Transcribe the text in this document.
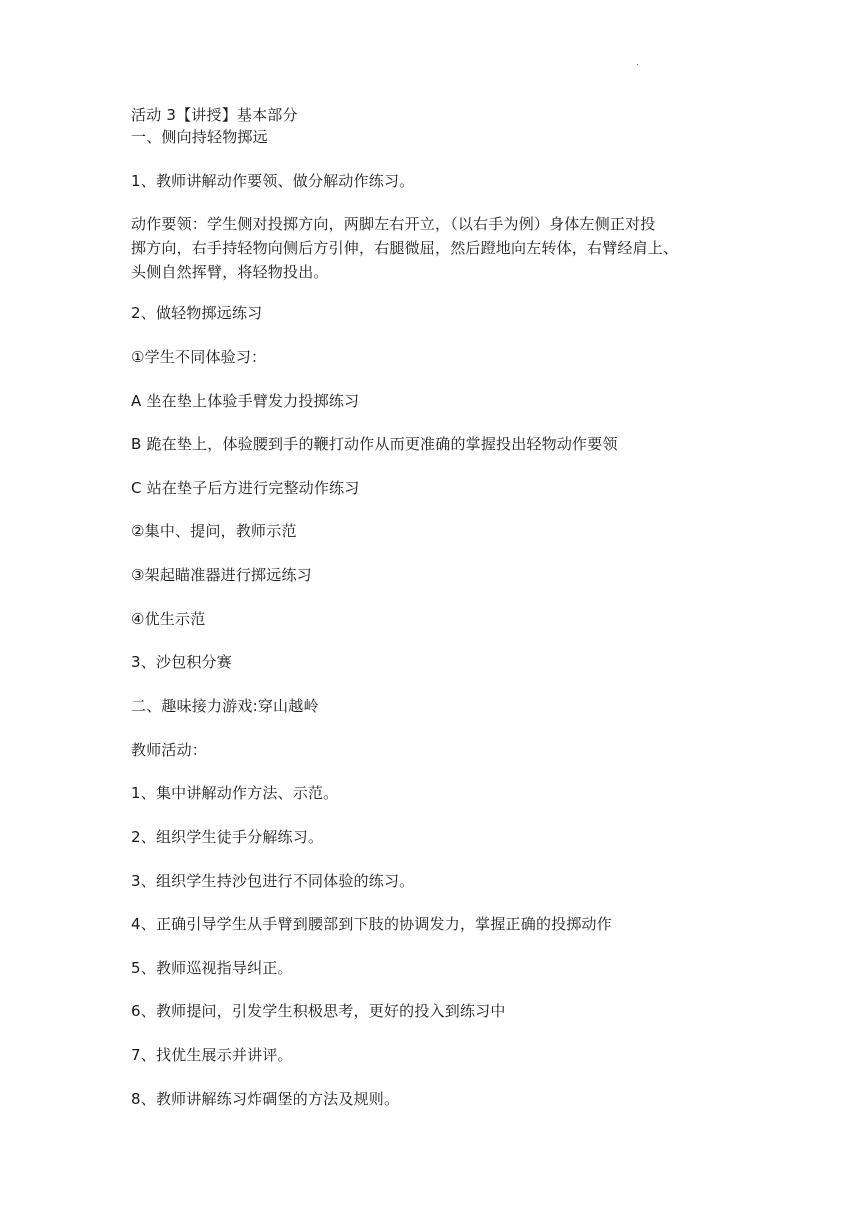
.
活动 3【讲授】基本部分
一、侧向持轻物掷远
1、教师讲解动作要领、做分解动作练习。
动作要领：学生侧对投掷方向，两脚左右开立，（以右手为例）身体左侧正对投
掷方向，右手持轻物向侧后方引伸，右腿微屈，然后蹬地向左转体，右臂经肩上、
头侧自然挥臂，将轻物投出。
2、做轻物掷远练习
①学生不同体验习：
A 坐在垫上体验手臂发力投掷练习
B 跪在垫上，体验腰到手的鞭打动作从而更准确的掌握投出轻物动作要领
C 站在垫子后方进行完整动作练习
②集中、提问，教师示范
③架起瞄准器进行掷远练习
④优生示范
3、沙包积分赛
二、趣味接力游戏:穿山越岭
教师活动：
1、集中讲解动作方法、示范。
2、组织学生徒手分解练习。
3、组织学生持沙包进行不同体验的练习。
4、正确引导学生从手臂到腰部到下肢的协调发力，掌握正确的投掷动作
5、教师巡视指导纠正。
6、教师提问，引发学生积极思考，更好的投入到练习中
7、找优生展示并讲评。
8、教师讲解练习炸碉堡的方法及规则。
